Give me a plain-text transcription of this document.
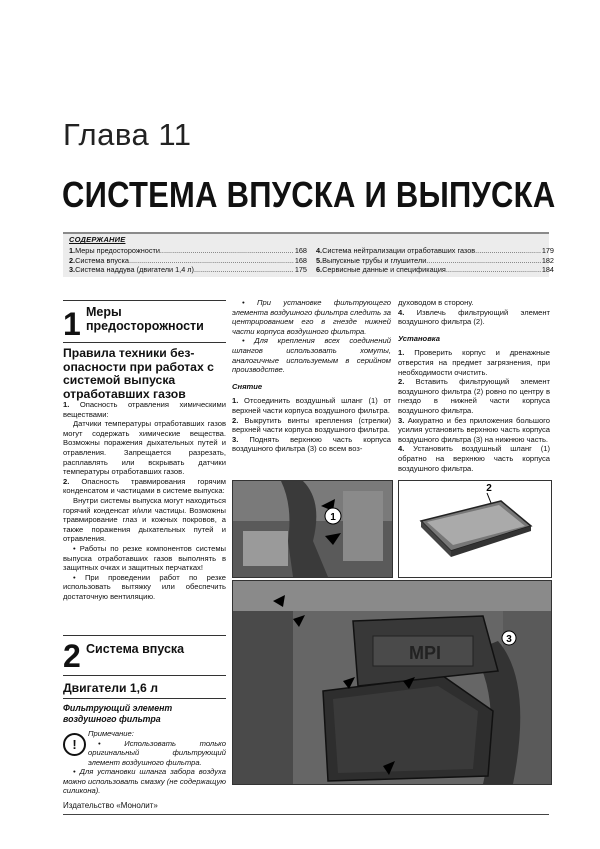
Глава 11
СИСТЕМА ВПУСКА И ВЫПУСКА
СОДЕРЖАНИЕ
1. Меры предосторожности .....	168
2. Система впуска .....	168
3. Система наддува (двигатели 1,4 л) .....	175
4. Система нейтрализации отработавших газов .....	179
5. Выпускные трубы и глушители .....	182
6. Сервисные данные и спецификация .....	184
1 Меры предосторожности
Правила техники без-опасности при работах с системой выпуска отработавших газов

1. Опасность отравления химическими веществами:

Датчики температуры отработавших газов могут содержать химические вещества. Возможны поражения дыхательных путей и отравления. Запрещается разрезать, расплавлять или вскрывать датчики температуры отработавших газов.

2. Опасность травмирования горячим конденсатом и частицами в системе выпуска:

Внутри системы выпуска могут находиться горячий конденсат и/или частицы. Возможны травмирование глаз и кожных покровов, а также поражения дыхательных путей и отравления.

• Работы по резке компонентов системы выпуска отработавших газов выполнять в защитных очках и защитных перчатках!

• При проведении работ по резке использовать вытяжку или обеспечить достаточную вентиляцию.

2 Система впуска
Двигатели 1,6 л
Фильтрующий элемент воздушного фильтра
!

Примечание:

• Использовать только оригинальный фильтрующий элемент воздушного фильтра.

• Для установки шланга забора воздуха можно использовать смазку (не содержащую силикона).

• При установке фильтрующего элемента воздушного фильтра следить за центрированием его в гнезде нижней части корпуса воздушного фильтра.

• Для крепления всех соединений шлангов использовать хомуты, аналогичные используемым в серийном производстве.

Снятие

1. Отсоединить воздушный шланг (1) от верхней части корпуса воздушного фильтра.

2. Выкрутить винты крепления (стрелки) верхней части корпуса воздушного фильтра.

3. Поднять верхнюю часть корпуса воздушного фильтра (3) со всем воз-

духоводом в сторону.

4. Извлечь фильтрующий элемент воздушного фильтра (2).

Установка

1. Проверить корпус и дренажные отверстия на предмет загрязнения, при необходимости очистить.

2. Вставить фильтрующий элемент воздушного фильтра (2) ровно по центру в гнездо в нижней части корпуса воздушного фильтра.

3. Аккуратно и без приложения большого усилия установить верхнюю часть корпуса воздушного фильтра (3) на нижнюю часть.

4. Установить воздушный шланг (1) обратно на верхнюю часть корпуса воздушного фильтра.

1
2
MPI
3
Издательство «Монолит»
